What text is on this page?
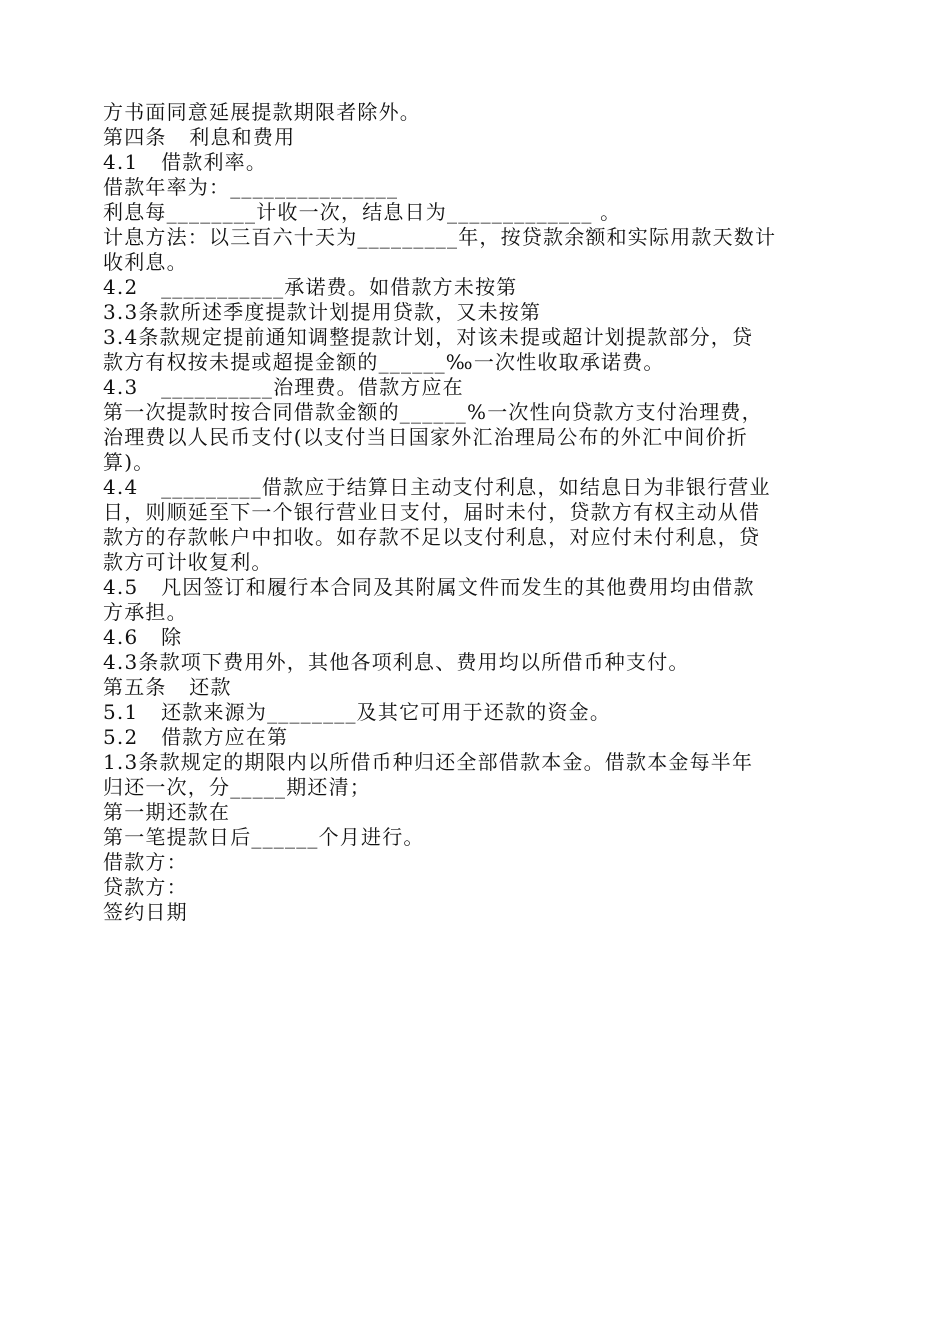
方书面同意延展提款期限者除外。
第四条   利息和费用
4.1   借款利率。
借款年率为：_______________
利息每________计收一次，结息日为_____________ 。
计息方法：以三百六十天为_________年，按贷款余额和实际用款天数计
收利息。
4.2   ___________承诺费。如借款方未按第
3.3条款所述季度提款计划提用贷款，又未按第
3.4条款规定提前通知调整提款计划，对该未提或超计划提款部分，贷
款方有权按未提或超提金额的______‰一次性收取承诺费。
4.3   __________治理费。借款方应在
第一次提款时按合同借款金额的______%一次性向贷款方支付治理费，
治理费以人民币支付(以支付当日国家外汇治理局公布的外汇中间价折
算)。
4.4   _________借款应于结算日主动支付利息，如结息日为非银行营业
日，则顺延至下一个银行营业日支付，届时未付，贷款方有权主动从借
款方的存款帐户中扣收。如存款不足以支付利息，对应付未付利息，贷
款方可计收复利。
4.5   凡因签订和履行本合同及其附属文件而发生的其他费用均由借款
方承担。
4.6   除
4.3条款项下费用外，其他各项利息、费用均以所借币种支付。
第五条   还款
5.1   还款来源为________及其它可用于还款的资金。
5.2   借款方应在第
1.3条款规定的期限内以所借币种归还全部借款本金。借款本金每半年
归还一次，分_____期还清；
第一期还款在
第一笔提款日后______个月进行。
借款方：
贷款方：
签约日期
